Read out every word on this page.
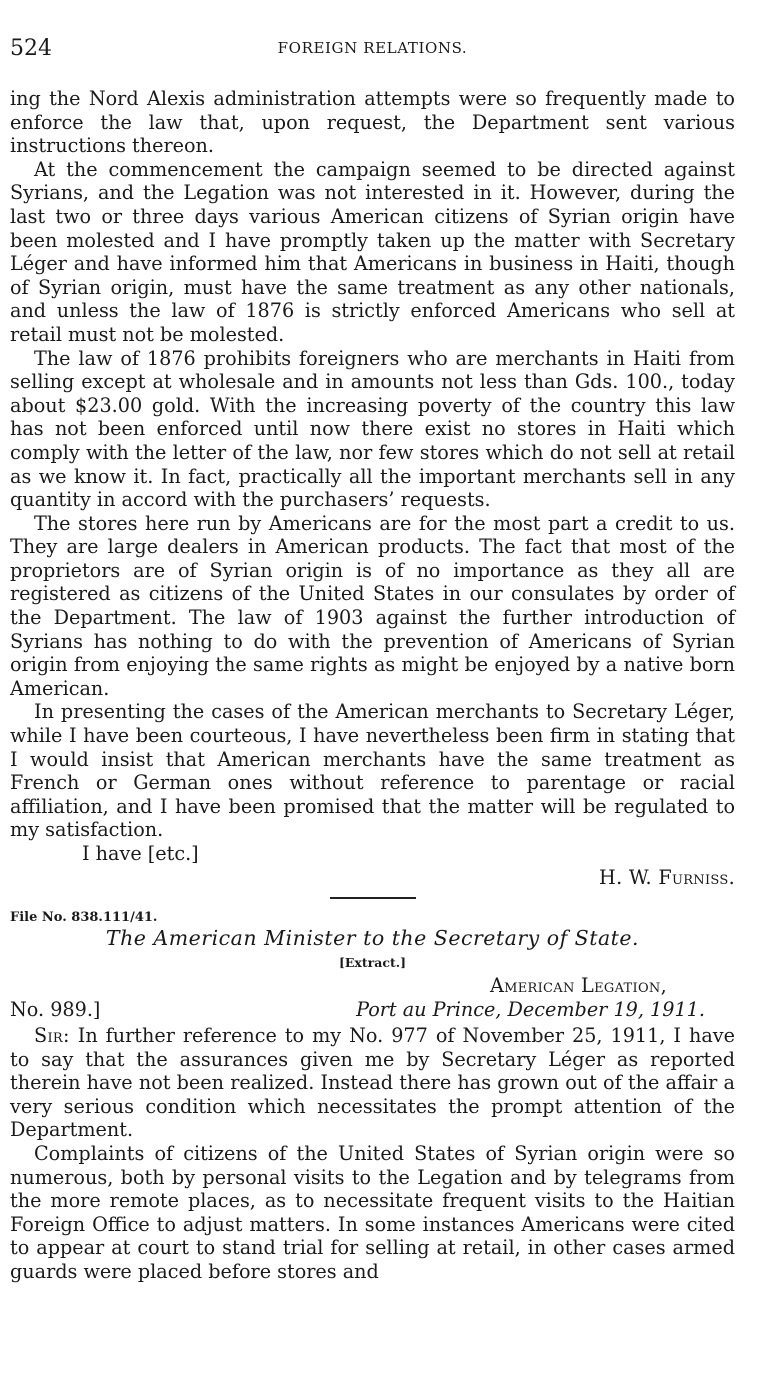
524	FOREIGN RELATIONS.

ing the Nord Alexis administration attempts were so frequently made to enforce the law that, upon request, the Department sent various instructions thereon.

At the commencement the campaign seemed to be directed against Syrians, and the Legation was not interested in it. However, during the last two or three days various American citizens of Syrian origin have been molested and I have promptly taken up the matter with Secretary Léger and have informed him that Americans in business in Haiti, though of Syrian origin, must have the same treatment as any other nationals, and unless the law of 1876 is strictly enforced Americans who sell at retail must not be molested.

The law of 1876 prohibits foreigners who are merchants in Haiti from selling except at wholesale and in amounts not less than Gds. 100., today about $23.00 gold. With the increasing poverty of the country this law has not been enforced until now there exist no stores in Haiti which comply with the letter of the law, nor few stores which do not sell at retail as we know it. In fact, practically all the important merchants sell in any quantity in accord with the purchasers’ requests.

The stores here run by Americans are for the most part a credit to us. They are large dealers in American products. The fact that most of the proprietors are of Syrian origin is of no importance as they all are registered as citizens of the United States in our consulates by order of the Department. The law of 1903 against the further introduction of Syrians has nothing to do with the prevention of Americans of Syrian origin from enjoying the same rights as might be enjoyed by a native born American.

In presenting the cases of the American merchants to Secretary Léger, while I have been courteous, I have nevertheless been firm in stating that I would insist that American merchants have the same treatment as French or German ones without reference to parentage or racial affiliation, and I have been promised that the matter will be regulated to my satisfaction.

I have [etc.]

H. W. Furniss.

File No. 838.111/41.

The American Minister to the Secretary of State.

[Extract.]

American Legation,

No. 989.]	Port au Prince, December 19, 1911.

Sir: In further reference to my No. 977 of November 25, 1911, I have to say that the assurances given me by Secretary Léger as reported therein have not been realized. Instead there has grown out of the affair a very serious condition which necessitates the prompt attention of the Department.

Complaints of citizens of the United States of Syrian origin were so numerous, both by personal visits to the Legation and by telegrams from the more remote places, as to necessitate frequent visits to the Haitian Foreign Office to adjust matters. In some instances Americans were cited to appear at court to stand trial for selling at retail, in other cases armed guards were placed before stores and
